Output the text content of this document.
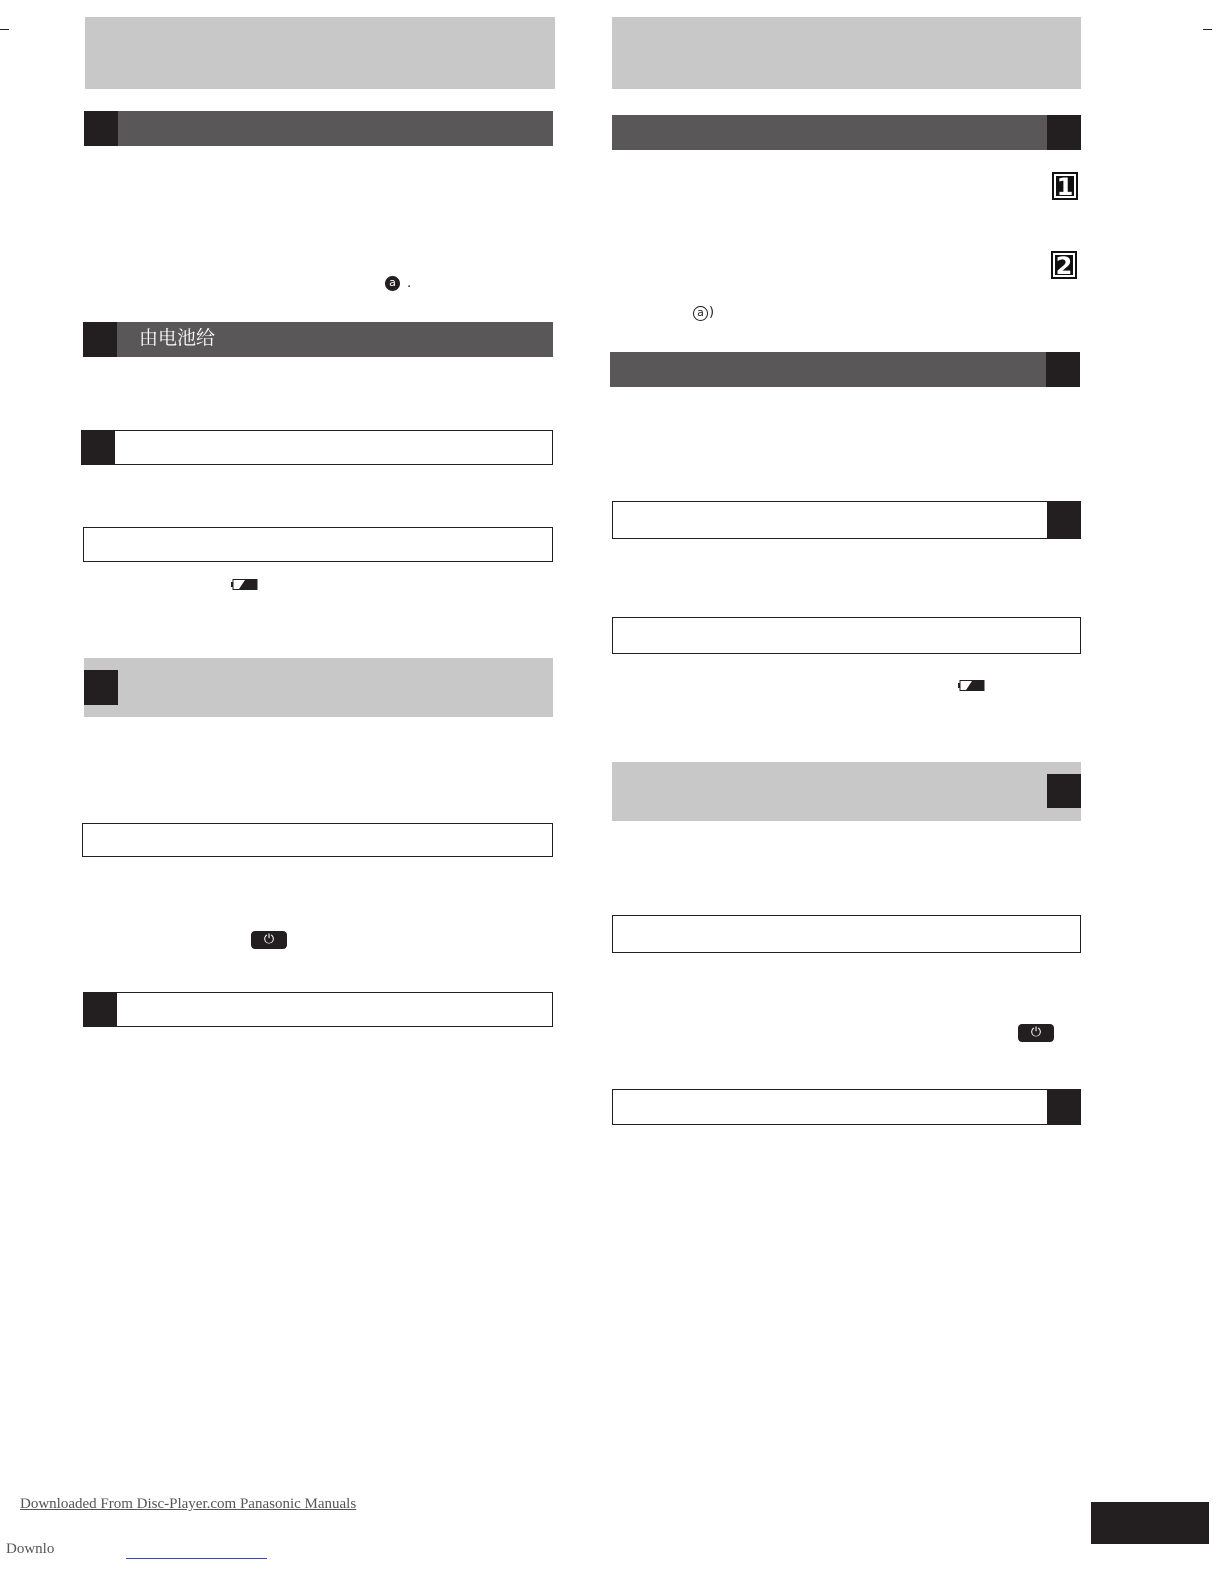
a .
由电池给
⏻
1
2
a )
⏻
Downloaded From Disc-Player.com Panasonic Manuals
Downlo
